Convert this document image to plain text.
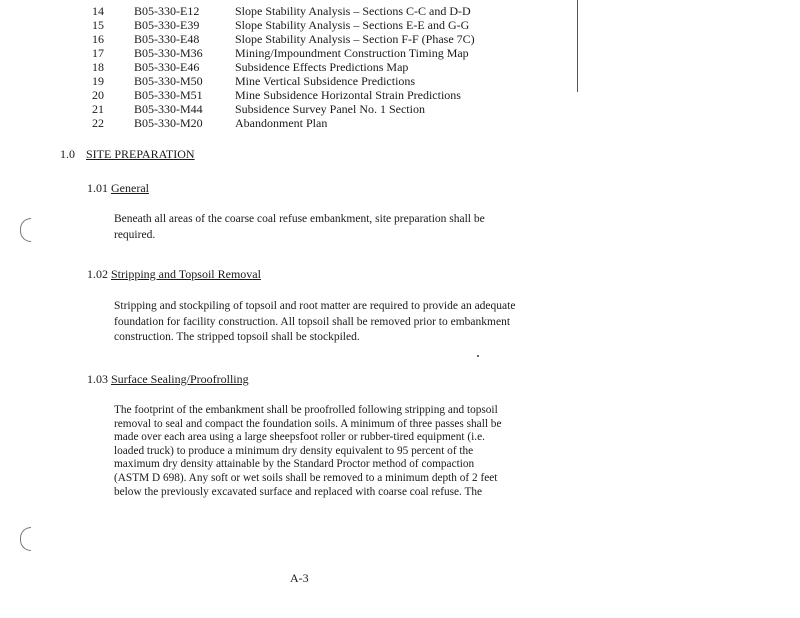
14	B05-330-E12	Slope Stability Analysis – Sections C-C and D-D
15	B05-330-E39	Slope Stability Analysis – Sections E-E and G-G
16	B05-330-E48	Slope Stability Analysis – Section F-F (Phase 7C)
17	B05-330-M36	Mining/Impoundment Construction Timing Map
18	B05-330-E46	Subsidence Effects Predictions Map
19	B05-330-M50	Mine Vertical Subsidence Predictions
20	B05-330-M51	Mine Subsidence Horizontal Strain Predictions
21	B05-330-M44	Subsidence Survey Panel No. 1 Section
22	B05-330-M20	Abandonment Plan
1.0 SITE PREPARATION
1.01 General
Beneath all areas of the coarse coal refuse embankment, site preparation shall be
required.
1.02 Stripping and Topsoil Removal
Stripping and stockpiling of topsoil and root matter are required to provide an adequate
foundation for facility construction. All topsoil shall be removed prior to embankment
construction. The stripped topsoil shall be stockpiled.
1.03 Surface Sealing/Proofrolling
The footprint of the embankment shall be proofrolled following stripping and topsoil
removal to seal and compact the foundation soils. A minimum of three passes shall be
made over each area using a large sheepsfoot roller or rubber-tired equipment (i.e.
loaded truck) to produce a minimum dry density equivalent to 95 percent of the
maximum dry density attainable by the Standard Proctor method of compaction
(ASTM D 698). Any soft or wet soils shall be removed to a minimum depth of 2 feet
below the previously excavated surface and replaced with coarse coal refuse. The
A-3
